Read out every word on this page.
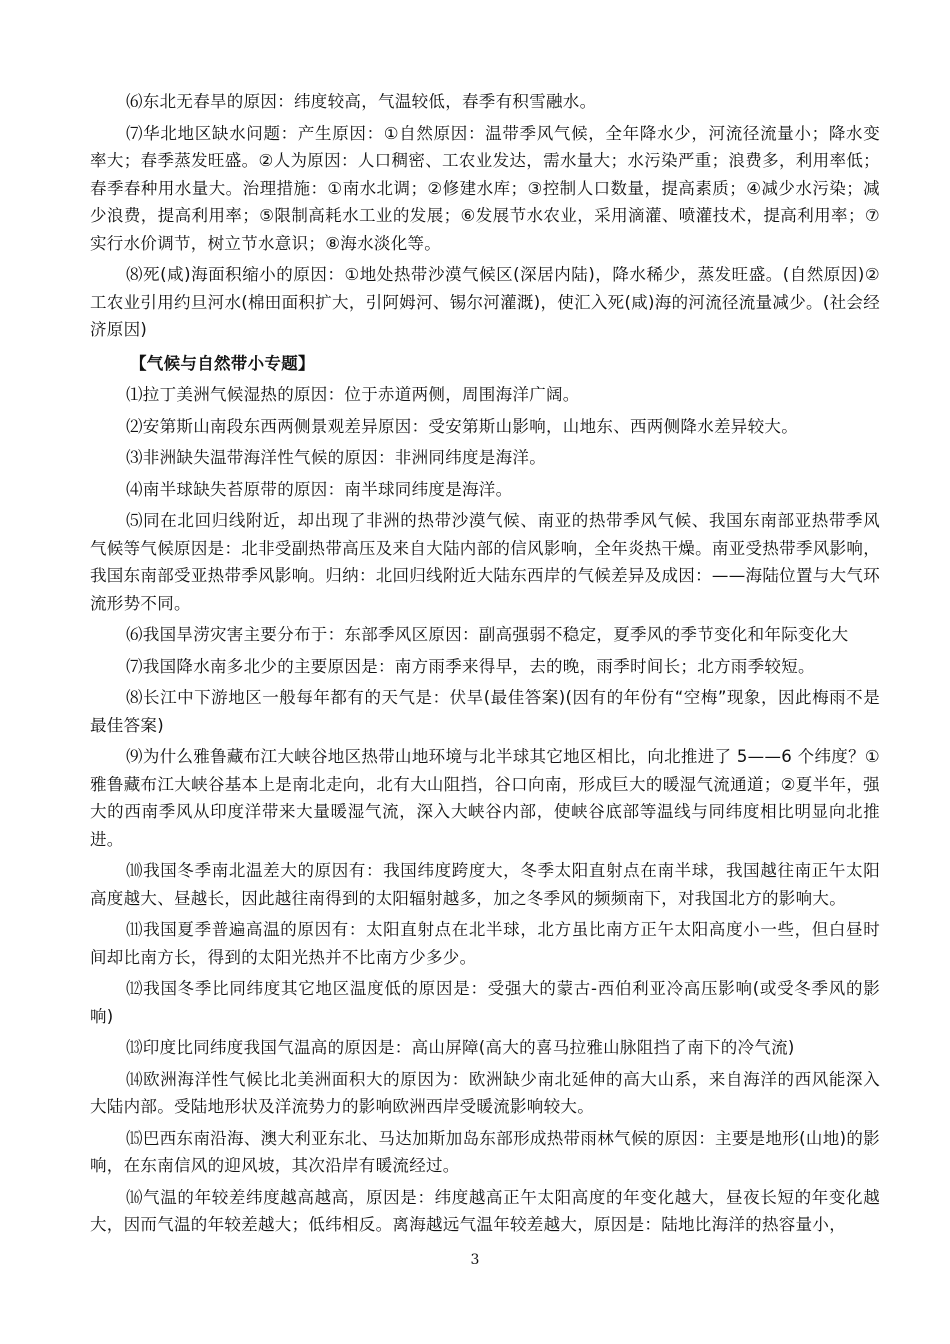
⑹东北无春旱的原因：纬度较高，气温较低，春季有积雪融水。

⑺华北地区缺水问题：产生原因：①自然原因：温带季风气候，全年降水少，河流径流量小；降水变率大；春季蒸发旺盛。②人为原因：人口稠密、工农业发达，需水量大；水污染严重；浪费多，利用率低；春季春种用水量大。治理措施：①南水北调；②修建水库；③控制人口数量，提高素质；④减少水污染；减少浪费，提高利用率；⑤限制高耗水工业的发展；⑥发展节水农业，采用滴灌、喷灌技术，提高利用率；⑦实行水价调节，树立节水意识；⑧海水淡化等。

⑻死(咸)海面积缩小的原因：①地处热带沙漠气候区(深居内陆)，降水稀少，蒸发旺盛。(自然原因)②工农业引用约旦河水(棉田面积扩大，引阿姆河、锡尔河灌溉)，使汇入死(咸)海的河流径流量减少。(社会经济原因)

【气候与自然带小专题】

⑴拉丁美洲气候湿热的原因：位于赤道两侧，周围海洋广阔。

⑵安第斯山南段东西两侧景观差异原因：受安第斯山影响，山地东、西两侧降水差异较大。

⑶非洲缺失温带海洋性气候的原因：非洲同纬度是海洋。

⑷南半球缺失苔原带的原因：南半球同纬度是海洋。

⑸同在北回归线附近，却出现了非洲的热带沙漠气候、南亚的热带季风气候、我国东南部亚热带季风气候等气候原因是：北非受副热带高压及来自大陆内部的信风影响，全年炎热干燥。南亚受热带季风影响，我国东南部受亚热带季风影响。归纳：北回归线附近大陆东西岸的气候差异及成因：——海陆位置与大气环流形势不同。

⑹我国旱涝灾害主要分布于：东部季风区原因：副高强弱不稳定，夏季风的季节变化和年际变化大

⑺我国降水南多北少的主要原因是：南方雨季来得早，去的晚，雨季时间长；北方雨季较短。

⑻长江中下游地区一般每年都有的天气是：伏旱(最佳答案)(因有的年份有“空梅”现象，因此梅雨不是最佳答案)

⑼为什么雅鲁藏布江大峡谷地区热带山地环境与北半球其它地区相比，向北推进了 5——6 个纬度？①雅鲁藏布江大峡谷基本上是南北走向，北有大山阻挡，谷口向南，形成巨大的暖湿气流通道；②夏半年，强大的西南季风从印度洋带来大量暖湿气流，深入大峡谷内部，使峡谷底部等温线与同纬度相比明显向北推进。

⑽我国冬季南北温差大的原因有：我国纬度跨度大，冬季太阳直射点在南半球，我国越往南正午太阳高度越大、昼越长，因此越往南得到的太阳辐射越多，加之冬季风的频频南下，对我国北方的影响大。

⑾我国夏季普遍高温的原因有：太阳直射点在北半球，北方虽比南方正午太阳高度小一些，但白昼时间却比南方长，得到的太阳光热并不比南方少多少。

⑿我国冬季比同纬度其它地区温度低的原因是：受强大的蒙古-西伯利亚冷高压影响(或受冬季风的影响)

⒀印度比同纬度我国气温高的原因是：高山屏障(高大的喜马拉雅山脉阻挡了南下的冷气流)

⒁欧洲海洋性气候比北美洲面积大的原因为：欧洲缺少南北延伸的高大山系，来自海洋的西风能深入大陆内部。受陆地形状及洋流势力的影响欧洲西岸受暖流影响较大。

⒂巴西东南沿海、澳大利亚东北、马达加斯加岛东部形成热带雨林气候的原因：主要是地形(山地)的影响，在东南信风的迎风坡，其次沿岸有暖流经过。

⒃气温的年较差纬度越高越高，原因是：纬度越高正午太阳高度的年变化越大，昼夜长短的年变化越大，因而气温的年较差越大；低纬相反。离海越远气温年较差越大，原因是：陆地比海洋的热容量小，

3
